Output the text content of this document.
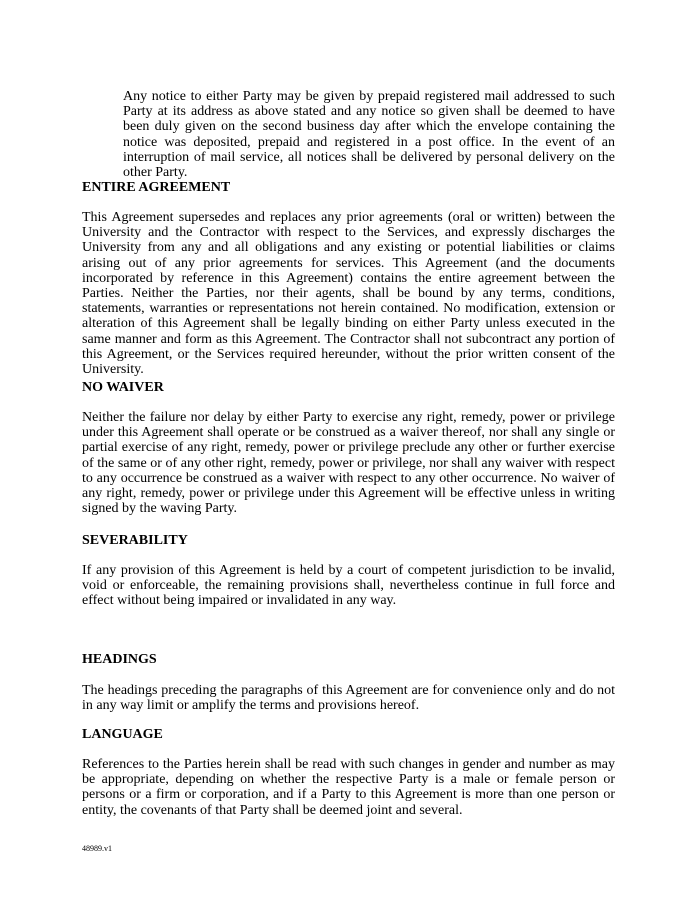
Any notice to either Party may be given by prepaid registered mail addressed to such Party at its address as above stated and any notice so given shall be deemed to have been duly given on the second business day after which the envelope containing the notice was deposited, prepaid and registered in a post office. In the event of an interruption of mail service, all notices shall be delivered by personal delivery on the other Party.

ENTIRE AGREEMENT

This Agreement supersedes and replaces any prior agreements (oral or written) between the University and the Contractor with respect to the Services, and expressly discharges the University from any and all obligations and any existing or potential liabilities or claims arising out of any prior agreements for services. This Agreement (and the documents incorporated by reference in this Agreement) contains the entire agreement between the Parties. Neither the Parties, nor their agents, shall be bound by any terms, conditions, statements, warranties or representations not herein contained. No modification, extension or alteration of this Agreement shall be legally binding on either Party unless executed in the same manner and form as this Agreement. The Contractor shall not subcontract any portion of this Agreement, or the Services required hereunder, without the prior written consent of the University.

NO WAIVER

Neither the failure nor delay by either Party to exercise any right, remedy, power or privilege under this Agreement shall operate or be construed as a waiver thereof, nor shall any single or partial exercise of any right, remedy, power or privilege preclude any other or further exercise of the same or of any other right, remedy, power or privilege, nor shall any waiver with respect to any occurrence be construed as a waiver with respect to any other occurrence. No waiver of any right, remedy, power or privilege under this Agreement will be effective unless in writing signed by the waving Party.

SEVERABILITY

If any provision of this Agreement is held by a court of competent jurisdiction to be invalid, void or enforceable, the remaining provisions shall, nevertheless continue in full force and effect without being impaired or invalidated in any way.

HEADINGS

The headings preceding the paragraphs of this Agreement are for convenience only and do not in any way limit or amplify the terms and provisions hereof.

LANGUAGE

References to the Parties herein shall be read with such changes in gender and number as may be appropriate, depending on whether the respective Party is a male or female person or persons or a firm or corporation, and if a Party to this Agreement is more than one person or entity, the covenants of that Party shall be deemed joint and several.

48989.v1
